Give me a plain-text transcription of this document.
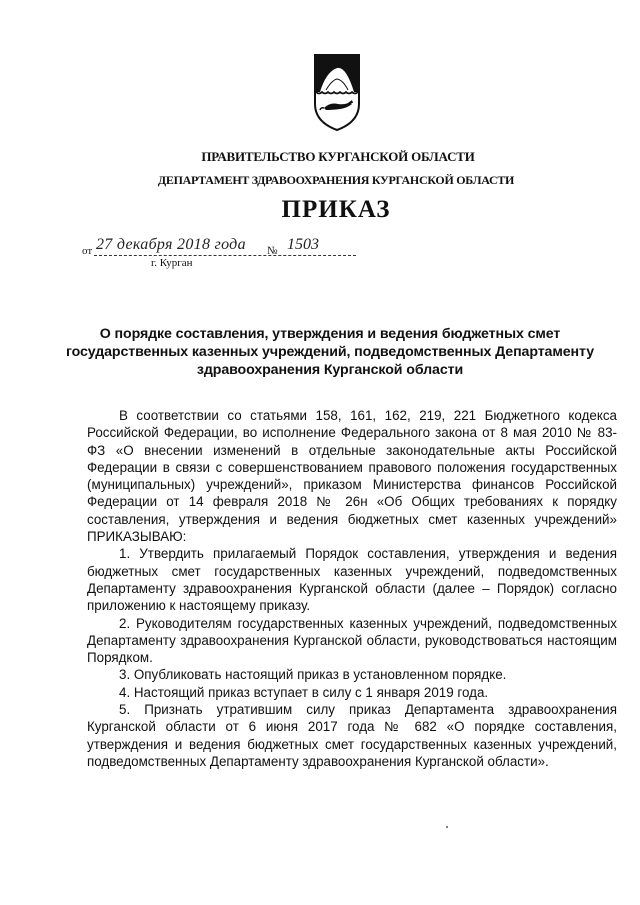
ПРАВИТЕЛЬСТВО КУРГАНСКОЙ ОБЛАСТИ
ДЕПАРТАМЕНТ ЗДРАВООХРАНЕНИЯ КУРГАНСКОЙ ОБЛАСТИ
ПРИКАЗ
от 27 декабря 2018 года № 1503
г. Курган
О порядке составления, утверждения и ведения бюджетных смет государственных казенных учреждений, подведомственных Департаменту здравоохранения Курганской области

В соответствии со статьями 158, 161, 162, 219, 221 Бюджетного кодекса Российской Федерации, во исполнение Федерального закона от 8 мая 2010 № 83-ФЗ «О внесении изменений в отдельные законодательные акты Российской Федерации в связи с совершенствованием правового положения государственных (муниципальных) учреждений», приказом Министерства финансов Российской Федерации от 14 февраля 2018 № 26н «Об Общих требованиях к порядку составления, утверждения и ведения бюджетных смет казенных учреждений» ПРИКАЗЫВАЮ:

1. Утвердить прилагаемый Порядок составления, утверждения и ведения бюджетных смет государственных казенных учреждений, подведомственных Департаменту здравоохранения Курганской области (далее – Порядок) согласно приложению к настоящему приказу.

2. Руководителям государственных казенных учреждений, подведомственных Департаменту здравоохранения Курганской области, руководствоваться настоящим Порядком.

3. Опубликовать настоящий приказ в установленном порядке.

4. Настоящий приказ вступает в силу с 1 января 2019 года.

5. Признать утратившим силу приказ Департамента здравоохранения Курганской области от 6 июня 2017 года № 682 «О порядке составления, утверждения и ведения бюджетных смет государственных казенных учреждений, подведомственных Департаменту здравоохранения Курганской области».
